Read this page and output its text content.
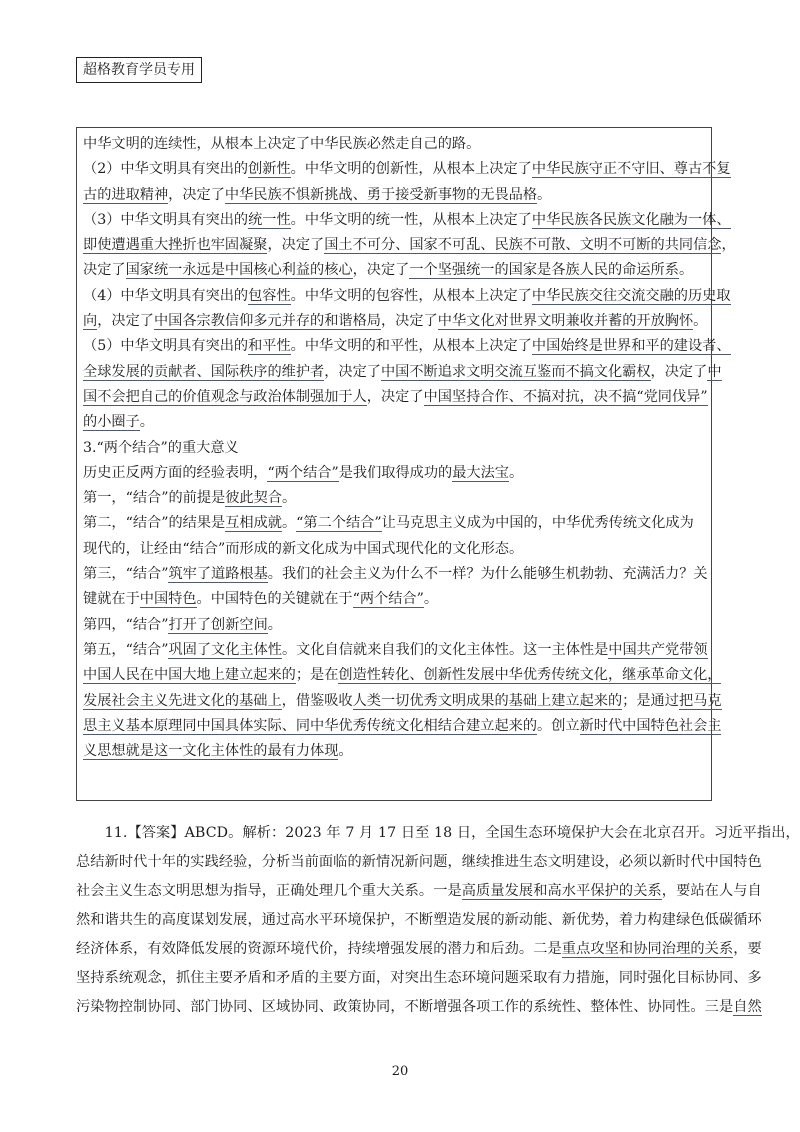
超格教育学员专用
中华文明的连续性，从根本上决定了中华民族必然走自己的路。
（2）中华文明具有突出的创新性。中华文明的创新性，从根本上决定了中华民族守正不守旧、尊古不复
古的进取精神，决定了中华民族不惧新挑战、勇于接受新事物的无畏品格。
（3）中华文明具有突出的统一性。中华文明的统一性，从根本上决定了中华民族各民族文化融为一体、
即使遭遇重大挫折也牢固凝聚，决定了国土不可分、国家不可乱、民族不可散、文明不可断的共同信念，
决定了国家统一永远是中国核心利益的核心，决定了一个坚强统一的国家是各族人民的命运所系。
（4）中华文明具有突出的包容性。中华文明的包容性，从根本上决定了中华民族交往交流交融的历史取
向，决定了中国各宗教信仰多元并存的和谐格局，决定了中华文化对世界文明兼收并蓄的开放胸怀。
（5）中华文明具有突出的和平性。中华文明的和平性，从根本上决定了中国始终是世界和平的建设者、
全球发展的贡献者、国际秩序的维护者，决定了中国不断追求文明交流互鉴而不搞文化霸权，决定了中
国不会把自己的价值观念与政治体制强加于人，决定了中国坚持合作、不搞对抗，决不搞“党同伐异”
的小圈子。
3.“两个结合”的重大意义
历史正反两方面的经验表明，“两个结合”是我们取得成功的最大法宝。
第一，“结合”的前提是彼此契合。
第二，“结合”的结果是互相成就。“第二个结合”让马克思主义成为中国的，中华优秀传统文化成为
现代的，让经由“结合”而形成的新文化成为中国式现代化的文化形态。
第三，“结合”筑牢了道路根基。我们的社会主义为什么不一样？为什么能够生机勃勃、充满活力？关
键就在于中国特色。中国特色的关键就在于“两个结合”。
第四，“结合”打开了创新空间。
第五，“结合”巩固了文化主体性。文化自信就来自我们的文化主体性。这一主体性是中国共产党带领
中国人民在中国大地上建立起来的；是在创造性转化、创新性发展中华优秀传统文化，继承革命文化，
发展社会主义先进文化的基础上，借鉴吸收人类一切优秀文明成果的基础上建立起来的；是通过把马克
思主义基本原理同中国具体实际、同中华优秀传统文化相结合建立起来的。创立新时代中国特色社会主
义思想就是这一文化主体性的最有力体现。
　　11.【答案】ABCD。解析：2023 年 7 月 17 日至 18 日，全国生态环境保护大会在北京召开。习近平指出，
总结新时代十年的实践经验，分析当前面临的新情况新问题，继续推进生态文明建设，必须以新时代中国特色
社会主义生态文明思想为指导，正确处理几个重大关系。一是高质量发展和高水平保护的关系，要站在人与自
然和谐共生的高度谋划发展，通过高水平环境保护，不断塑造发展的新动能、新优势，着力构建绿色低碳循环
经济体系，有效降低发展的资源环境代价，持续增强发展的潜力和后劲。二是重点攻坚和协同治理的关系，要
坚持系统观念，抓住主要矛盾和矛盾的主要方面，对突出生态环境问题采取有力措施，同时强化目标协同、多
污染物控制协同、部门协同、区域协同、政策协同，不断增强各项工作的系统性、整体性、协同性。三是自然
20
